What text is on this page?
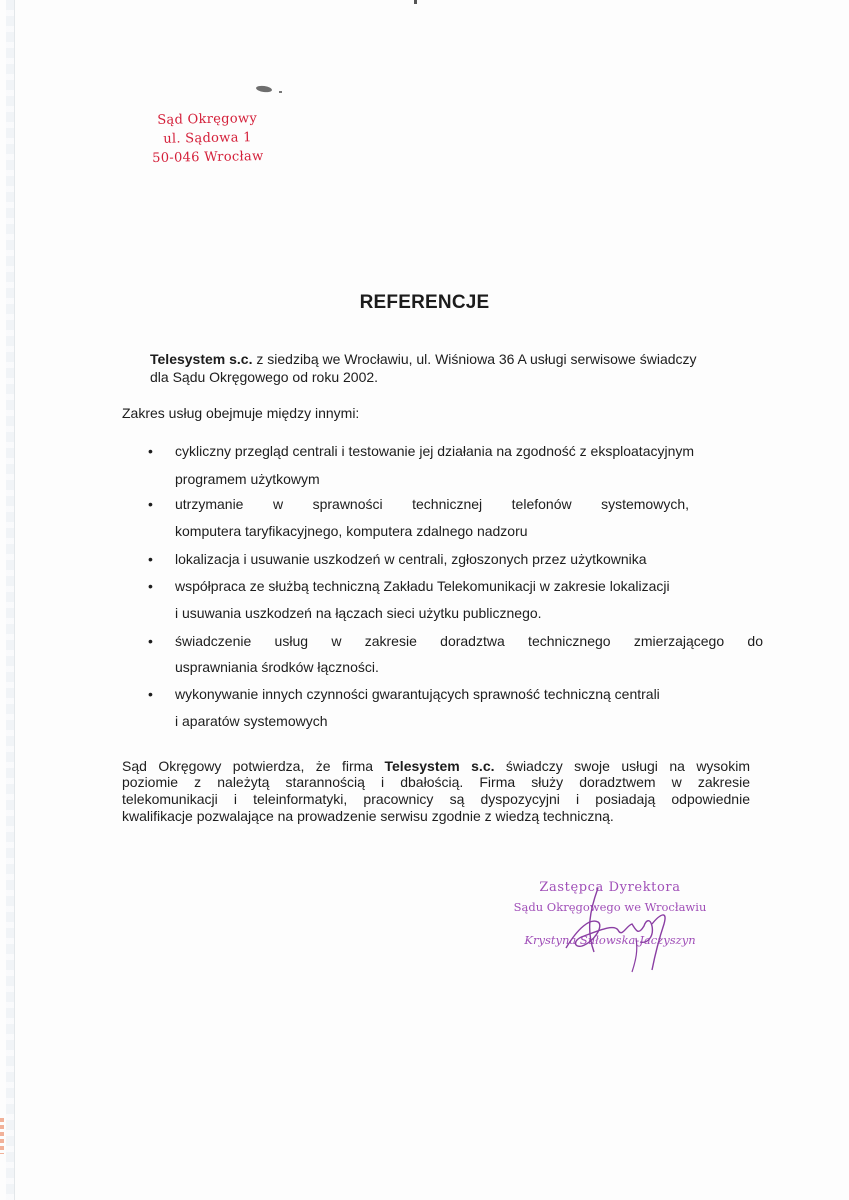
Sąd Okręgowy
ul. Sądowa 1
50-046 Wrocław
REFERENCJE
Telesystem s.c. z siedzibą we Wrocławiu, ul. Wiśniowa 36 A usługi serwisowe świadczy
dla Sądu Okręgowego od roku 2002.
Zakres usług obejmuje między innymi:
• cykliczny przegląd centrali i testowanie jej działania na zgodność z eksploatacyjnym
programem użytkowym
• utrzymanie w sprawności technicznej telefonów systemowych,
komputera taryfikacyjnego, komputera zdalnego nadzoru
• lokalizacja i usuwanie uszkodzeń w centrali, zgłoszonych przez użytkownika
• współpraca ze służbą techniczną Zakładu Telekomunikacji w zakresie lokalizacji
i usuwania uszkodzeń na łączach sieci użytku publicznego.
• świadczenie usług w zakresie doradztwa technicznego zmierzającego do
usprawniania środków łączności.
• wykonywanie innych czynności gwarantujących sprawność techniczną centrali
i aparatów systemowych
Sąd Okręgowy potwierdza, że firma Telesystem s.c. świadczy swoje usługi na wysokim
poziomie z należytą starannością i dbałością. Firma służy doradztwem w zakresie
telekomunikacji i teleinformatyki, pracownicy są dyspozycyjni i posiadają odpowiednie
kwalifikacje pozwalające na prowadzenie serwisu zgodnie z wiedzą techniczną.
Zastępca Dyrektora
Sądu Okręgowego we Wrocławiu
Krystyna Sułowska-Jaczyszyn
